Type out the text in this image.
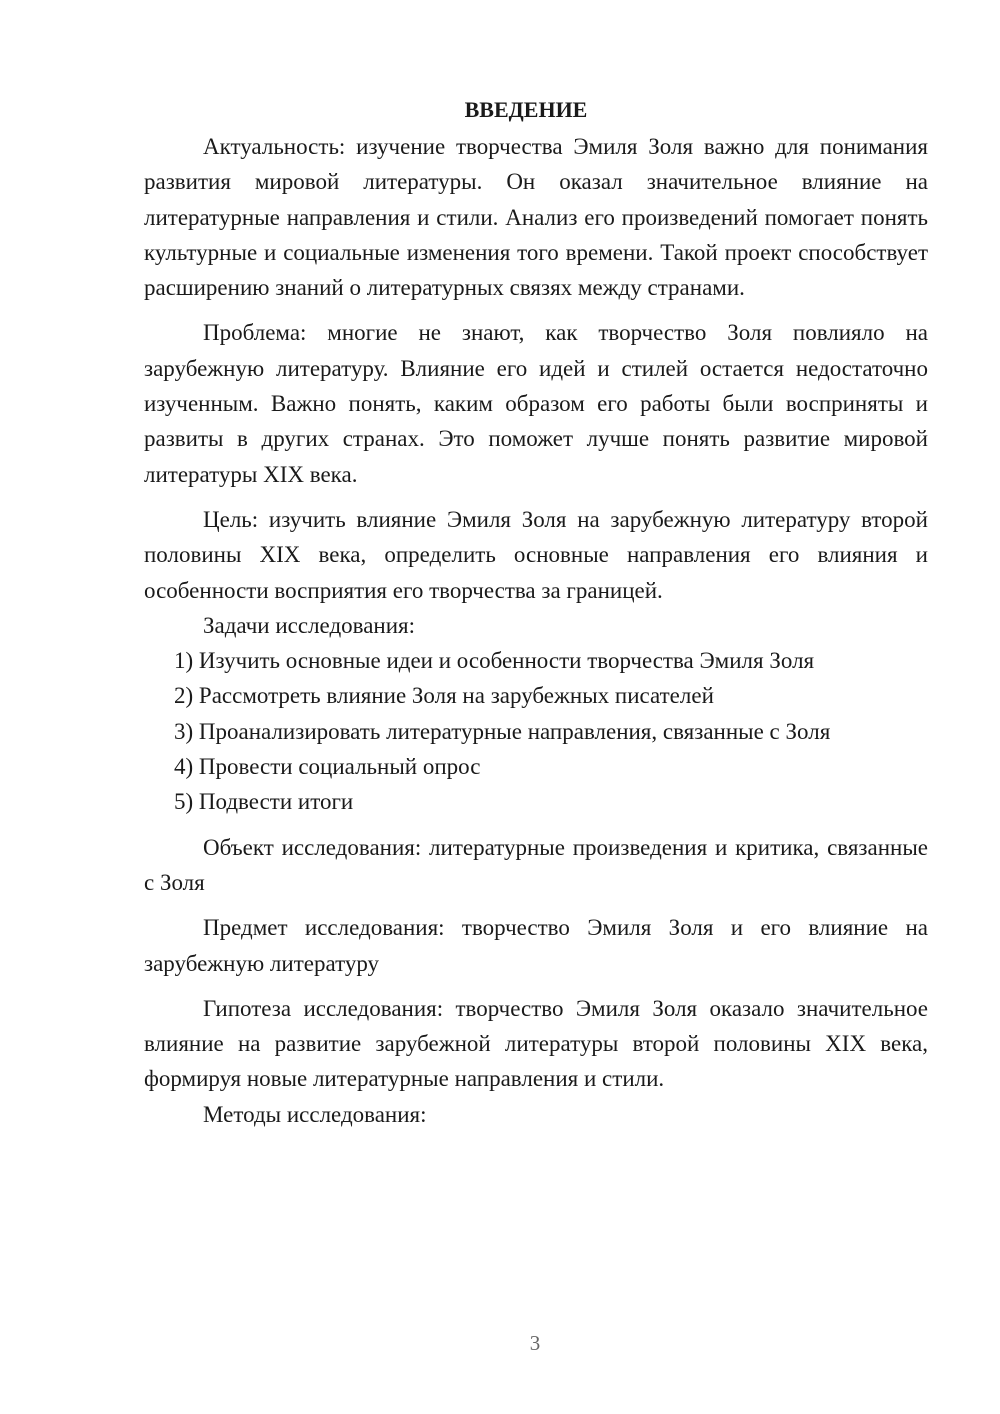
ВВЕДЕНИЕ

Актуальность: изучение творчества Эмиля Золя важно для понимания развития мировой литературы. Он оказал значительное влияние на литературные направления и стили. Анализ его произведений помогает понять культурные и социальные изменения того времени. Такой проект способствует расширению знаний о литературных связях между странами.

Проблема: многие не знают, как творчество Золя повлияло на зарубежную литературу. Влияние его идей и стилей остается недостаточно изученным. Важно понять, каким образом его работы были восприняты и развиты в других странах. Это поможет лучше понять развитие мировой литературы XIX века.

Цель: изучить влияние Эмиля Золя на зарубежную литературу второй половины XIX века, определить основные направления его влияния и особенности восприятия его творчества за границей.

Задачи исследования:

1) Изучить основные идеи и особенности творчества Эмиля Золя

2) Рассмотреть влияние Золя на зарубежных писателей

3) Проанализировать литературные направления, связанные с Золя

4) Провести социальный опрос

5) Подвести итоги

Объект исследования: литературные произведения и критика, связанные с Золя

Предмет исследования: творчество Эмиля Золя и его влияние на зарубежную литературу

Гипотеза исследования: творчество Эмиля Золя оказало значительное влияние на развитие зарубежной литературы второй половины XIX века, формируя новые литературные направления и стили.

Методы исследования:

3
